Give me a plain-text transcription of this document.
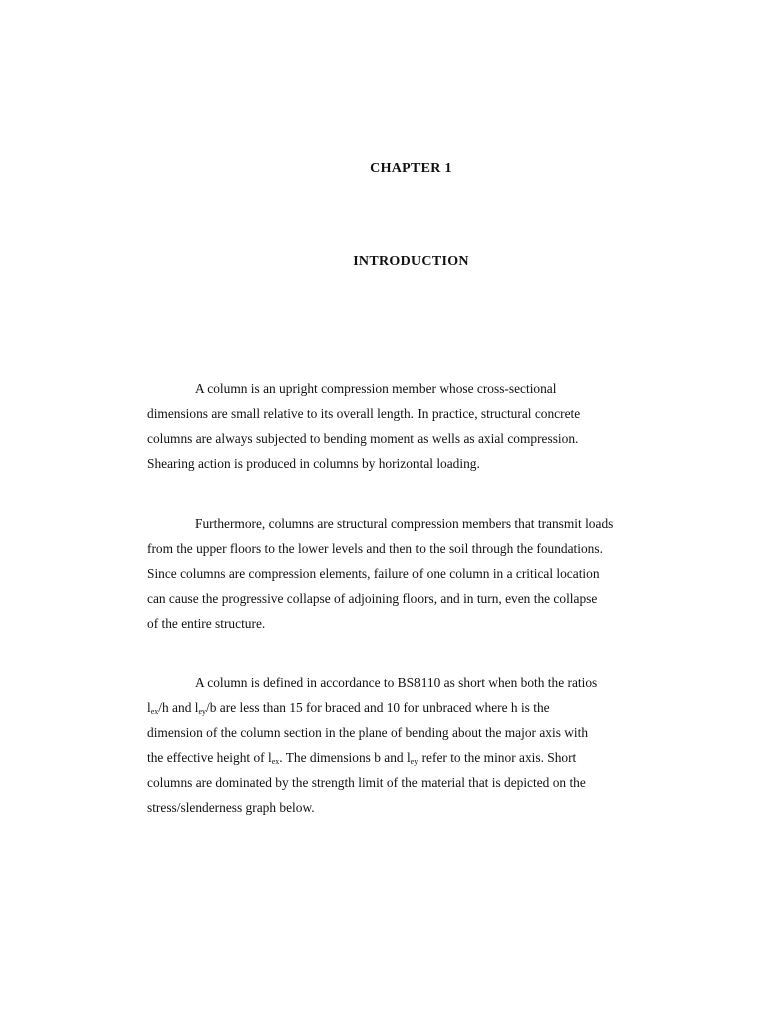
CHAPTER 1
INTRODUCTION
A column is an upright compression member whose cross-sectional
dimensions are small relative to its overall length. In practice, structural concrete
columns are always subjected to bending moment as wells as axial compression.
Shearing action is produced in columns by horizontal loading.
Furthermore, columns are structural compression members that transmit loads
from the upper floors to the lower levels and then to the soil through the foundations.
Since columns are compression elements, failure of one column in a critical location
can cause the progressive collapse of adjoining floors, and in turn, even the collapse
of the entire structure.
A column is defined in accordance to BS8110 as short when both the ratios
$l_{ex}/h$ and $l_{ey}/b$ are less than 15 for braced and 10 for unbraced where h is the
dimension of the column section in the plane of bending about the major axis with
the effective height of $l_{ex}$. The dimensions b and $l_{ey}$ refer to the minor axis. Short
columns are dominated by the strength limit of the material that is depicted on the
stress/slenderness graph below.
